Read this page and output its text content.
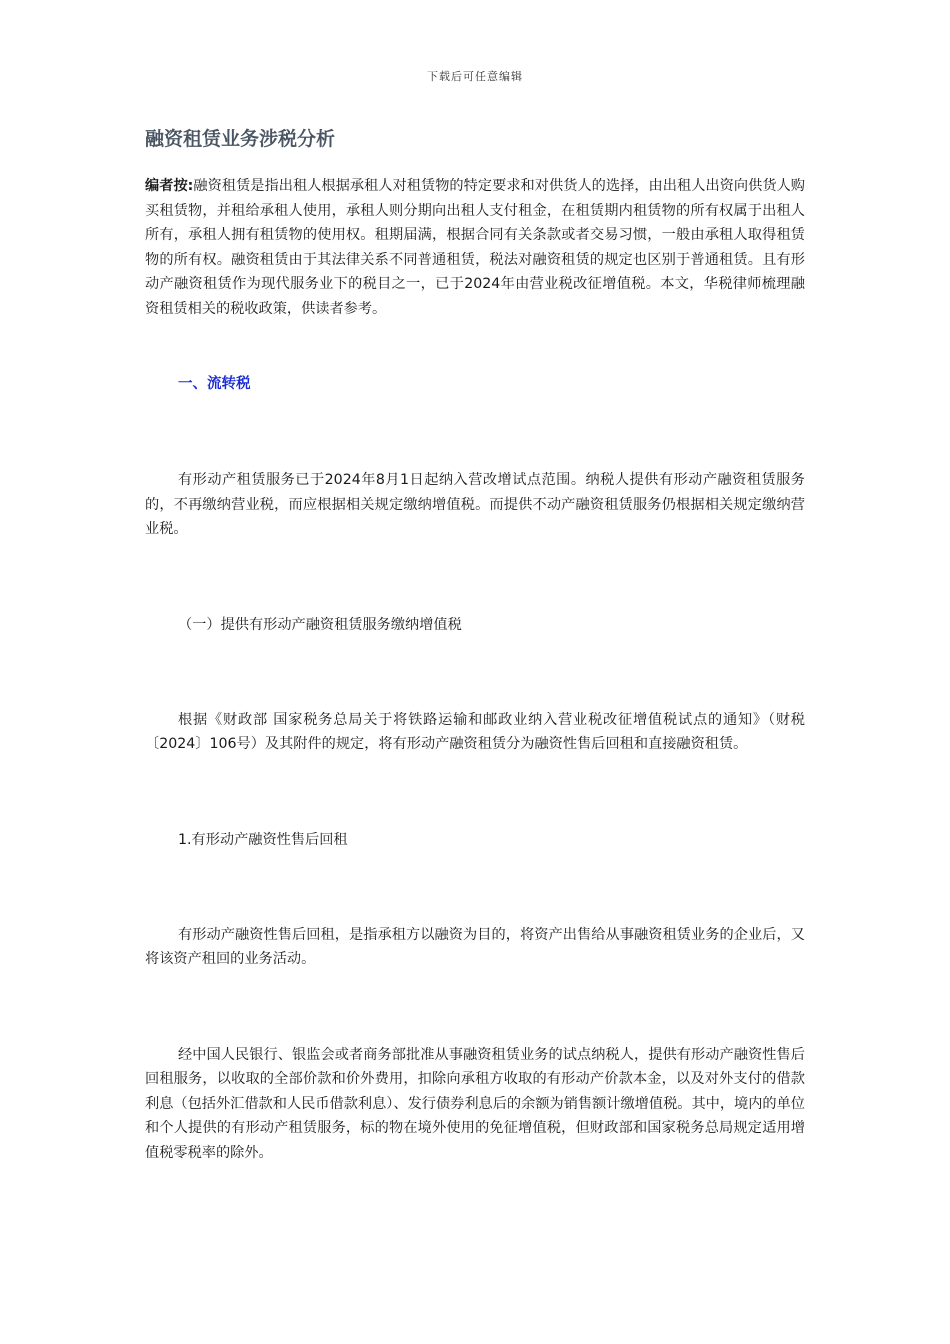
下载后可任意编辑
融资租赁业务涉税分析

编者按:融资租赁是指出租人根据承租人对租赁物的特定要求和对供货人的选择，由出租人出资向供货人购买租赁物，并租给承租人使用，承租人则分期向出租人支付租金，在租赁期内租赁物的所有权属于出租人所有，承租人拥有租赁物的使用权。租期届满，根据合同有关条款或者交易习惯，一般由承租人取得租赁物的所有权。融资租赁由于其法律关系不同普通租赁，税法对融资租赁的规定也区别于普通租赁。且有形动产融资租赁作为现代服务业下的税目之一，已于2024年由营业税改征增值税。本文，华税律师梳理融资租赁相关的税收政策，供读者参考。

一、流转税

有形动产租赁服务已于2024年8月1日起纳入营改增试点范围。纳税人提供有形动产融资租赁服务的，不再缴纳营业税，而应根据相关规定缴纳增值税。而提供不动产融资租赁服务仍根据相关规定缴纳营业税。

（一）提供有形动产融资租赁服务缴纳增值税

根据《财政部 国家税务总局关于将铁路运输和邮政业纳入营业税改征增值税试点的通知》（财税〔2024〕106号）及其附件的规定，将有形动产融资租赁分为融资性售后回租和直接融资租赁。

1.有形动产融资性售后回租

有形动产融资性售后回租，是指承租方以融资为目的，将资产出售给从事融资租赁业务的企业后，又将该资产租回的业务活动。

经中国人民银行、银监会或者商务部批准从事融资租赁业务的试点纳税人，提供有形动产融资性售后回租服务，以收取的全部价款和价外费用，扣除向承租方收取的有形动产价款本金，以及对外支付的借款利息（包括外汇借款和人民币借款利息）、发行债券利息后的余额为销售额计缴增值税。其中，境内的单位和个人提供的有形动产租赁服务，标的物在境外使用的免征增值税，但财政部和国家税务总局规定适用增值税零税率的除外。
